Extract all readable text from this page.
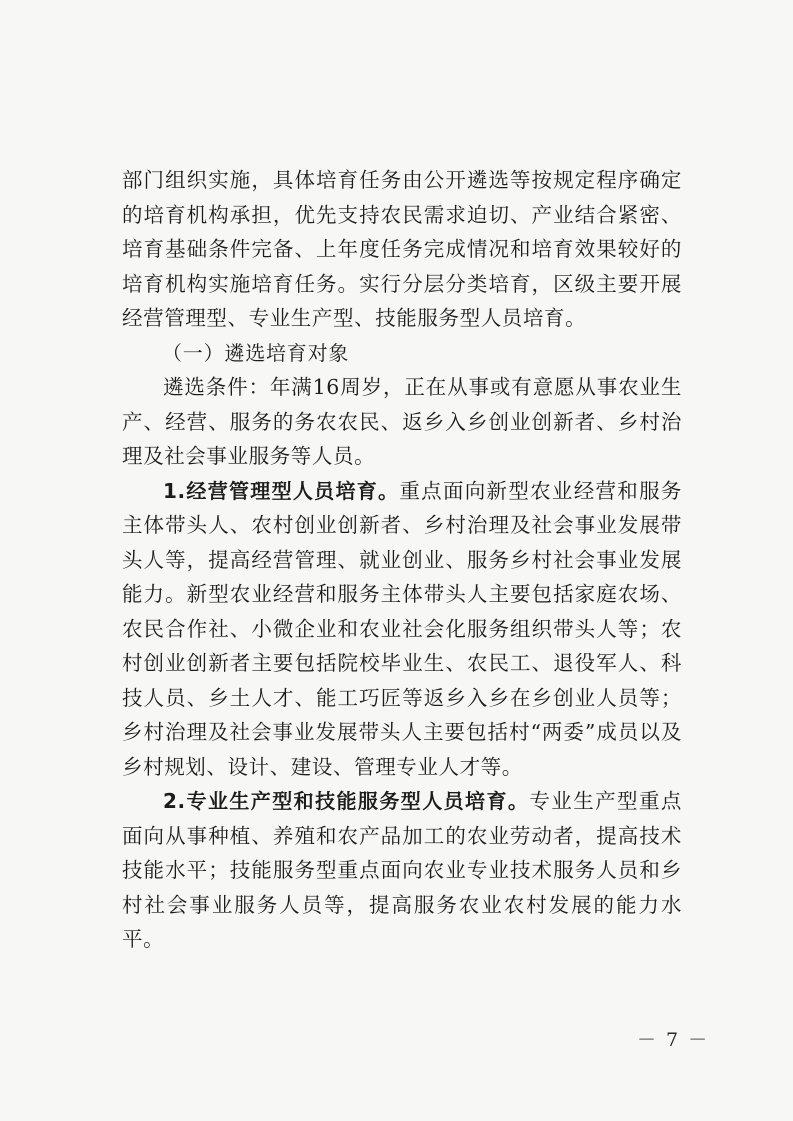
部门组织实施，具体培育任务由公开遴选等按规定程序确定的培育机构承担，优先支持农民需求迫切、产业结合紧密、培育基础条件完备、上年度任务完成情况和培育效果较好的培育机构实施培育任务。实行分层分类培育，区级主要开展经营管理型、专业生产型、技能服务型人员培育。

（一）遴选培育对象

遴选条件：年满16周岁，正在从事或有意愿从事农业生产、经营、服务的务农农民、返乡入乡创业创新者、乡村治理及社会事业服务等人员。

1.经营管理型人员培育。重点面向新型农业经营和服务主体带头人、农村创业创新者、乡村治理及社会事业发展带头人等，提高经营管理、就业创业、服务乡村社会事业发展能力。新型农业经营和服务主体带头人主要包括家庭农场、农民合作社、小微企业和农业社会化服务组织带头人等；农村创业创新者主要包括院校毕业生、农民工、退役军人、科技人员、乡土人才、能工巧匠等返乡入乡在乡创业人员等；乡村治理及社会事业发展带头人主要包括村“两委”成员以及乡村规划、设计、建设、管理专业人才等。

2.专业生产型和技能服务型人员培育。专业生产型重点面向从事种植、养殖和农产品加工的农业劳动者，提高技术技能水平；技能服务型重点面向农业专业技术服务人员和乡村社会事业服务人员等，提高服务农业农村发展的能力水平。

－ 7 －
